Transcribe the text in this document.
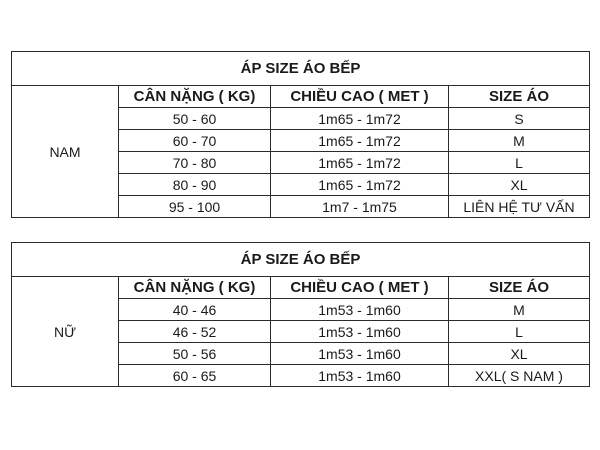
ÁP SIZE ÁO BẾP			
NAM	CÂN NẶNG ( KG)	CHIỀU CAO ( MET )	SIZE ÁO
	50 - 60	1m65 - 1m72	S
	60 - 70	1m65 - 1m72	M
	70 - 80	1m65 - 1m72	L
	80 - 90	1m65 - 1m72	XL
	95 - 100	1m7 - 1m75	LIÊN HỆ TƯ VẤN
ÁP SIZE ÁO BẾP			
NỮ	CÂN NẶNG ( KG)	CHIỀU CAO ( MET )	SIZE ÁO
	40 - 46	1m53 - 1m60	M
	46 - 52	1m53 - 1m60	L
	50 - 56	1m53 - 1m60	XL
	60 - 65	1m53 - 1m60	XXL( S NAM )
